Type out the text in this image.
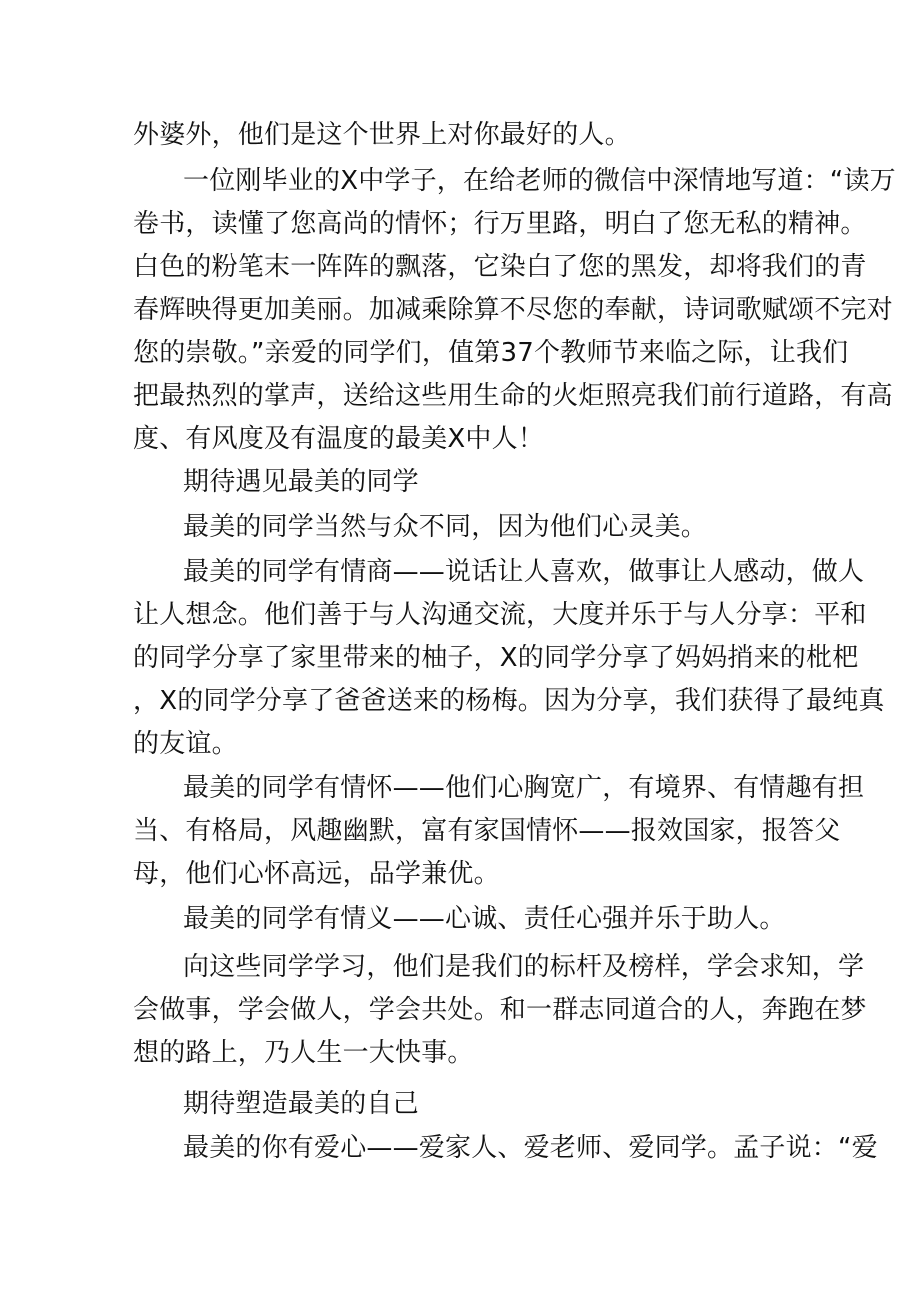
外婆外，他们是这个世界上对你最好的人。
一位刚毕业的X中学子，在给老师的微信中深情地写道：“读万
卷书，读懂了您高尚的情怀；行万里路，明白了您无私的精神。
白色的粉笔末一阵阵的飘落，它染白了您的黑发，却将我们的青
春辉映得更加美丽。加减乘除算不尽您的奉献，诗词歌赋颂不完对
您的崇敬。”亲爱的同学们，值第37个教师节来临之际，让我们
把最热烈的掌声，送给这些用生命的火炬照亮我们前行道路，有高
度、有风度及有温度的最美X中人！
期待遇见最美的同学
最美的同学当然与众不同，因为他们心灵美。
最美的同学有情商——说话让人喜欢，做事让人感动，做人
让人想念。他们善于与人沟通交流，大度并乐于与人分享：平和
的同学分享了家里带来的柚子，X的同学分享了妈妈捎来的枇杷
，X的同学分享了爸爸送来的杨梅。因为分享，我们获得了最纯真
的友谊。
最美的同学有情怀——他们心胸宽广，有境界、有情趣有担
当、有格局，风趣幽默，富有家国情怀——报效国家，报答父
母，他们心怀高远，品学兼优。
最美的同学有情义——心诚、责任心强并乐于助人。
向这些同学学习，他们是我们的标杆及榜样，学会求知，学
会做事，学会做人，学会共处。和一群志同道合的人，奔跑在梦
想的路上，乃人生一大快事。
期待塑造最美的自己
最美的你有爱心——爱家人、爱老师、爱同学。孟子说：“爱
